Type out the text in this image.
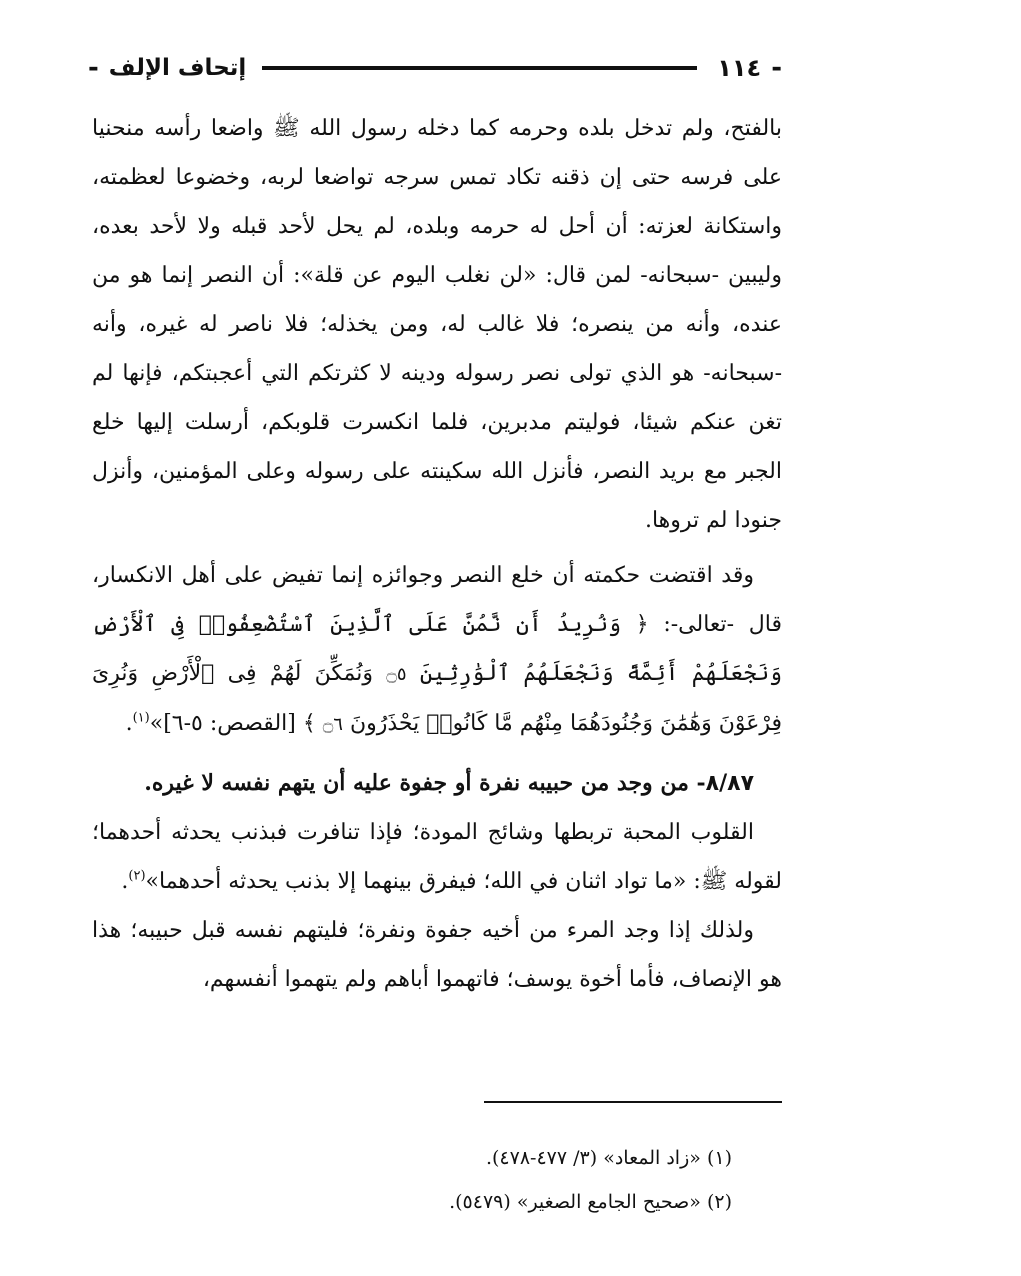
-
١١٤
إتحاف الإلف
-

بالفتح، ولم تدخل بلده وحرمه كما دخله رسول الله ﷺ واضعا رأسه منحنيا على فرسه حتى إن ذقنه تكاد تمس سرجه تواضعا لربه، وخضوعا لعظمته، واستكانة لعزته: أن أحل له حرمه وبلده، لم يحل لأحد قبله ولا لأحد بعده، وليبين -سبحانه- لمن قال: «لن نغلب اليوم عن قلة»: أن النصر إنما هو من عنده، وأنه من ينصره؛ فلا غالب له، ومن يخذله؛ فلا ناصر له غيره، وأنه -سبحانه- هو الذي تولى نصر رسوله ودينه لا كثرتكم التي أعجبتكم، فإنها لم تغن عنكم شيئا، فوليتم مدبرين، فلما انكسرت قلوبكم، أرسلت إليها خلع الجبر مع بريد النصر، فأنزل الله سكينته على رسوله وعلى المؤمنين، وأنزل جنودا لم تروها.

وقد اقتضت حكمته أن خلع النصر وجوائزه إنما تفيض على أهل الانكسار، قال -تعالى-: ﴿ وَنُرِيدُ أَن نَّمُنَّ عَلَى ٱلَّذِينَ ٱسْتُضْعِفُوا۟ فِى ٱلْأَرْضِ وَنَجْعَلَهُمْ أَئِمَّةً وَنَجْعَلَهُمُ ٱلْوَٰرِثِينَ ۝٥ وَنُمَكِّنَ لَهُمْ فِى ٱلْأَرْضِ وَنُرِىَ فِرْعَوْنَ وَهَٰمَٰنَ وَجُنُودَهُمَا مِنْهُم مَّا كَانُوا۟ يَحْذَرُونَ ۝٦ ﴾ [القصص: ٥-٦]»$^{(١)}$.

٨/٨٧- من وجد من حبيبه نفرة أو جفوة عليه أن يتهم نفسه لا غيره.

القلوب المحبة تربطها وشائج المودة؛ فإذا تنافرت فبذنب يحدثه أحدهما؛ لقوله ﷺ: «ما تواد اثنان في الله؛ فيفرق بينهما إلا بذنب يحدثه أحدهما»$^{(٢)}$.

ولذلك إذا وجد المرء من أخيه جفوة ونفرة؛ فليتهم نفسه قبل حبيبه؛ هذا هو الإنصاف، فأما أخوة يوسف؛ فاتهموا أباهم ولم يتهموا أنفسهم،

(١) «زاد المعاد» (٣/ ٤٧٧-٤٧٨).

(٢) «صحيح الجامع الصغير» (٥٤٧٩).
